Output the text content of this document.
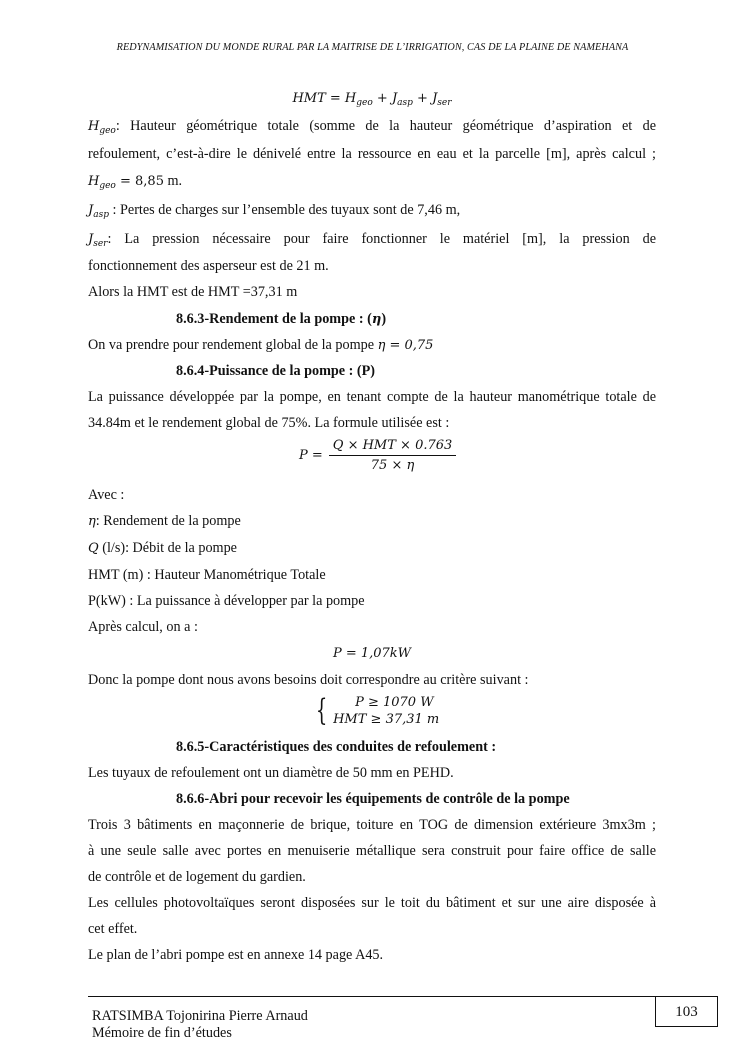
REDYNAMISATION DU MONDE RURAL PAR LA MAITRISE DE L’IRRIGATION, CAS DE LA PLAINE DE NAMEHANA
HMT = $H_{geo} + J_{asp} + J_{ser}$
$H_{geo}$: Hauteur géométrique totale (somme de la hauteur géométrique d’aspiration et de
refoulement, c’est-à-dire le dénivelé entre la ressource en eau et la parcelle [m], après calcul ;
$H_{geo} = 8,85$ m.
$J_{asp}$ : Pertes de charges sur l’ensemble des tuyaux sont de 7,46 m,
$J_{ser}$: La pression nécessaire pour faire fonctionner le matériel [m], la pression de
fonctionnement des asperseur est de 21 m.
Alors la HMT est de HMT =37,31 m
8.6.3-Rendement de la pompe : (η)
On va prendre pour rendement global de la pompe η = 0,75
8.6.4-Puissance de la pompe : (P)
La puissance développée par la pompe, en tenant compte de la hauteur manométrique totale de
34.84m et le rendement global de 75%. La formule utilisée est :
P =
Q × HMT × 0.763
75 × η
Avec :
η: Rendement de la pompe
Q (l/s): Débit de la pompe
HMT (m) : Hauteur Manométrique Totale
P(kW) : La puissance à développer par la pompe
Après calcul, on a :
P = 1,07kW
Donc la pompe dont nous avons besoins doit correspondre au critère suivant :
{	P ≥ 1070 W
HMT ≥ 37,31 m
8.6.5-Caractéristiques des conduites de refoulement :
Les tuyaux de refoulement ont un diamètre de 50 mm en PEHD.
8.6.6-Abri pour recevoir les équipements de contrôle de la pompe
Trois 3 bâtiments en maçonnerie de brique, toiture en TOG de dimension extérieure 3mx3m ;
à une seule salle avec portes en menuiserie métallique sera construit pour faire office de salle
de contrôle et de logement du gardien.
Les cellules photovoltaïques seront disposées sur le toit du bâtiment et sur une aire disposée à
cet effet.
Le plan de l’abri pompe est en annexe 14 page A45.
RATSIMBA Tojonirina Pierre Arnaud
Mémoire de fin d’études
103
